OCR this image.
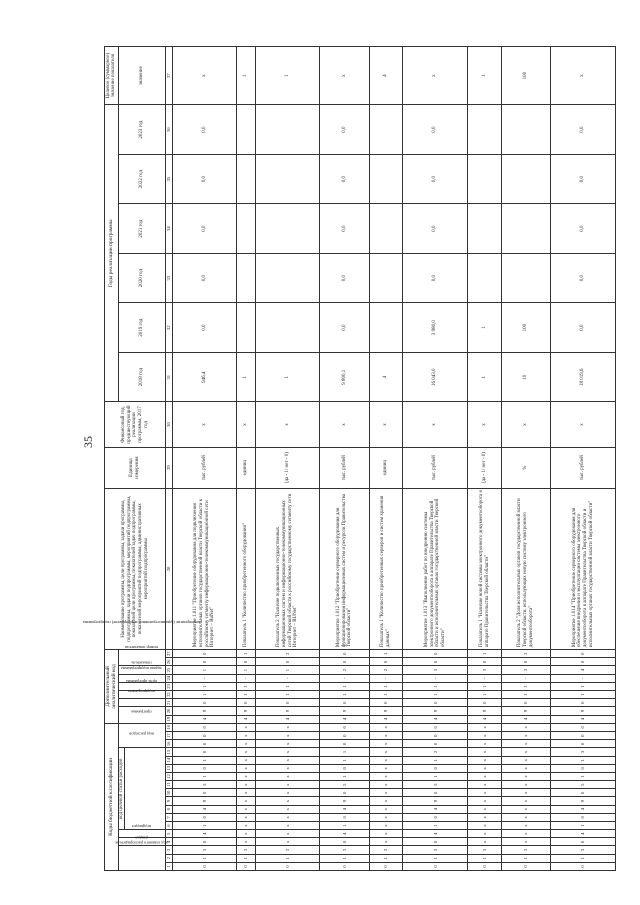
35
Коды бюджетной классификации																		Дополнительный аналитический код									Наименование программы, цели программы, задачи программы, подпрограммы, задачи подпрограммы, мероприятий подпрограммы, показателей цели программы, показателей задач подпрограммы, показателей мероприятий подпрограммы, административных мероприятий подпрограммы	Единица измерения	Финансовый год, предшествующий реализации программы, 2017 год	Годы реализации программы						Целевое (суммарное) значение показателя
код главного распорядителя			раздел	подраздел	код целевой статьи расходов										вид расходов			программа		подпрограмма	цель программы	задача подпрограммы	мероприятие (административное мероприятие) подпрограммы	показатель	номер показателя					2018 год	2019 год	2020 год	2021 год	2022 год	2023 год	значение

1	2	3	4	5	6	7	8	9	10	11	12	13	14	15	16	17	18	19	20	21	22	23	24	25	26	27	28	29	30	31	32	33	34	35	36	37
0	1	3	0	4	1	0	4	9	0	5	1	0	1	0	0	0	0	4	9	0	1	1	-	1	0	0	Мероприятие 1.011 "Приобретение оборудования для подключения исполнительных органов государственной власти Тверской области к российскому сегменту информационно-телекоммуникационной сети Интернет – RuNet"	тыс. рублей	x	946,4	0,0	0,0	0,0	0,0	0,0	x
0	1	3	x	x	x	x	x	x	x	x	x	x	x	x	x	x	x	4	9	0	1	1	-	1	0	1	Показатель 1 "Количество приобретенного оборудования"	единиц	x	1						1
0	1	3	x	x	x	x	x	x	x	x	x	x	x	x	x	x	x	4	9	0	1	1	-	1	0	2	Показатель 2 "Наличие подключенных государственных информационных систем и информационно-телекоммуникационных сетей Тверской области к российскому государственному сегменту сети Интернет – RUNet"	(да - 1/ нет - 0)	x	1						1
0	1	3	0	4	1	0	4	9	0	5	1	0	1	1	0	0	0	4	9	0	1	1	-	2	0	0	Мероприятие 1.012 "Приобретение серверного оборудования для функционирования информационных систем и ресурсов Правительства Тверской области"	тыс. рублей	x	9 800,1	0,0	0,0	0,0	0,0	0,0	x
0	1	3	x	x	x	x	x	x	x	x	x	x	x	x	x	x	x	4	9	0	1	1	-	2	0	1	Показатель 1 "Количество приобретенных серверов и систем хранения данных"	единиц	x	4						4
0	1	3	0	4	1	0	4	9	0	5	1	0	1	2	0	0	0	4	9	0	1	1	-	3	0	0	Мероприятие 1.013 "Выполнение работ по внедрению системы электронного документооборота в аппарате Правительства Тверской области и исполнительных органах государственной власти Тверской области"	тыс. рублей	x	16 043,0	3 980,0	0,0	0,0	0,0	0,0	x
0	1	3	x	x	x	x	x	x	x	x	x	x	x	x	x	x	x	4	9	0	1	1	-	3	0	1	Показатель 1 "Наличие новой системы электронного документооборота в аппарате Правительства Тверской области"	(да - 1/ нет - 0)	x	1	1					1
0	1	3	x	x	x	x	x	x	x	x	x	x	x	x	x	x	x	4	9	0	1	1	-	3	0	2	Показатель 2 "Доля исполнительных органов государственной власти Тверской области, использующих новую систему электронного документооборота"	%	x	10	100					100
0	1	3	0	4	1	0	4	9	0	5	1	0	1	3	0	0	0	4	9	0	1	1	-	4	0	0	Мероприятие 1.014 "Приобретение серверного оборудования для обеспечения внедрения и эксплуатации системы электронного документооборота в аппарате Правительства Тверской области и исполнительных органах государственной власти Тверской области"	тыс. рублей	x	18 019,6	0,0	0,0	0,0	0,0	0,0	x
